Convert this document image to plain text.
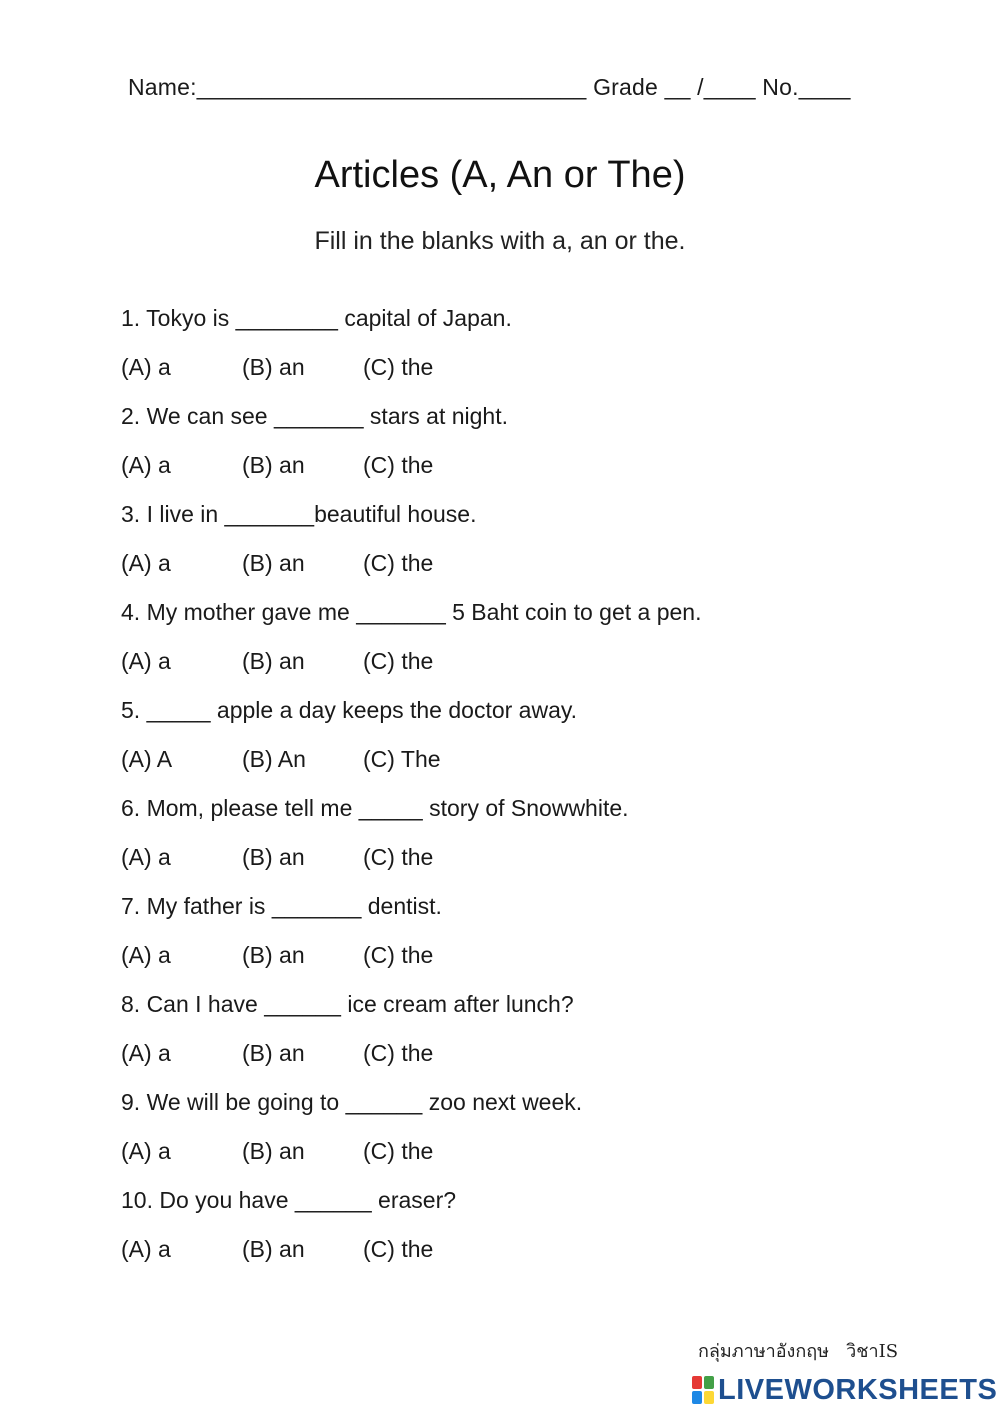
Name:______________________________ Grade __ /____ No.____
Articles (A, An or The)
Fill in the blanks with a, an or the.
1. Tokyo is ________ capital of Japan.
(A) a	(B) an	(C) the
2. We can see _______ stars at night.
(A) a	(B) an	(C) the
3. I live in _______beautiful house.
(A) a	(B) an	(C) the
4. My mother gave me _______ 5 Baht coin to get a pen.
(A) a	(B) an	(C) the
5. _____ apple a day keeps the doctor away.
(A) A	(B) An (C) The
6. Mom, please tell me _____ story of Snowwhite.
(A) a	(B) an	(C) the
7. My father is _______ dentist.
(A) a	(B) an	(C) the
8. Can I have ______ ice cream after lunch?
(A) a	(B) an	(C) the
9. We will be going to ______ zoo next week.
(A) a	(B) an	(C) the
10. Do you have ______ eraser?
(A) a	(B) an	(C) the
กลุ่มภาษาอังกฤษ   วิชาIS
LIVEWORKSHEETS
